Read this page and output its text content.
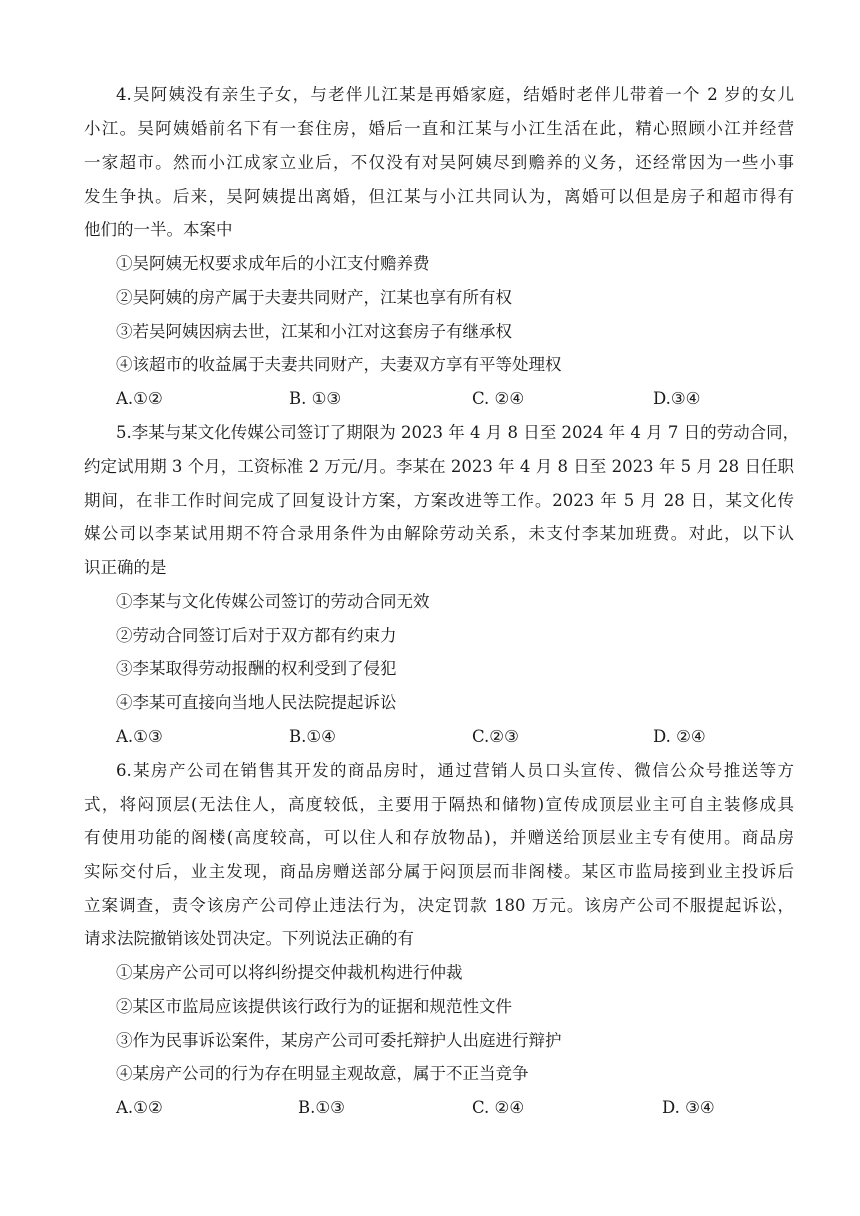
4.吴阿姨没有亲生子女，与老伴儿江某是再婚家庭，结婚时老伴儿带着一个 2 岁的女儿
小江。吴阿姨婚前名下有一套住房，婚后一直和江某与小江生活在此，精心照顾小江并经营
一家超市。然而小江成家立业后，不仅没有对吴阿姨尽到赡养的义务，还经常因为一些小事
发生争执。后来，吴阿姨提出离婚，但江某与小江共同认为，离婚可以但是房子和超市得有
他们的一半。本案中
①吴阿姨无权要求成年后的小江支付赡养费
②吴阿姨的房产属于夫妻共同财产，江某也享有所有权
③若吴阿姨因病去世，江某和小江对这套房子有继承权
④该超市的收益属于夫妻共同财产，夫妻双方享有平等处理权
A.①②	B. ①③	C. ②④	D.③④
5.李某与某文化传媒公司签订了期限为 2023 年 4 月 8 日至 2024 年 4 月 7 日的劳动合同，
约定试用期 3 个月，工资标准 2 万元/月。李某在 2023 年 4 月 8 日至 2023 年 5 月 28 日任职
期间，在非工作时间完成了回复设计方案，方案改进等工作。2023 年 5 月 28 日，某文化传
媒公司以李某试用期不符合录用条件为由解除劳动关系，未支付李某加班费。对此，以下认
识正确的是
①李某与文化传媒公司签订的劳动合同无效
②劳动合同签订后对于双方都有约束力
③李某取得劳动报酬的权利受到了侵犯
④李某可直接向当地人民法院提起诉讼
A.①③	B.①④	C.②③	D. ②④
6.某房产公司在销售其开发的商品房时，通过营销人员口头宣传、微信公众号推送等方
式，将闷顶层(无法住人，高度较低，主要用于隔热和储物)宣传成顶层业主可自主装修成具
有使用功能的阁楼(高度较高，可以住人和存放物品)，并赠送给顶层业主专有使用。商品房
实际交付后，业主发现，商品房赠送部分属于闷顶层而非阁楼。某区市监局接到业主投诉后
立案调查，责令该房产公司停止违法行为，决定罚款 180 万元。该房产公司不服提起诉讼，
请求法院撤销该处罚决定。下列说法正确的有
①某房产公司可以将纠纷提交仲裁机构进行仲裁
②某区市监局应该提供该行政行为的证据和规范性文件
③作为民事诉讼案件，某房产公司可委托辩护人出庭进行辩护
④某房产公司的行为存在明显主观故意，属于不正当竞争
A.①②	B.①③	C. ②④	D. ③④
